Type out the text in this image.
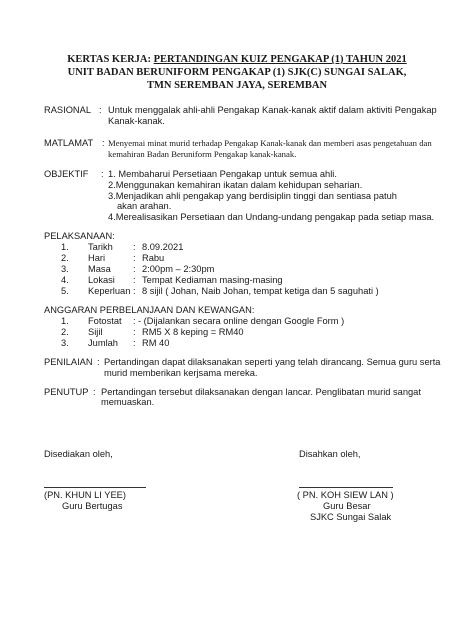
KERTAS KERJA: PERTANDINGAN KUIZ PENGAKAP (1) TAHUN 2021
UNIT BADAN BERUNIFORM PENGAKAP (1) SJK(C) SUNGAI SALAK,
TMN SEREMBAN JAYA, SEREMBAN
RASIONAL : Untuk menggalak ahli-ahli Pengakap Kanak-kanak aktif dalam aktiviti Pengakap
Kanak-kanak.
MATLAMAT : Menyemai minat murid terhadap Pengakap Kanak-kanak dan memberi asas pengetahuan dan
kemahiran Badan Beruniform Pengakap kanak-kanak.
OBJEKTIF : 1. Membaharui Persetiaan Pengakap untuk semua ahli.
2.Menggunakan kemahiran ikatan dalam kehidupan seharian.
3.Menjadikan ahli pengakap yang berdisiplin tinggi dan sentiasa patuh
akan arahan.
4.Merealisasikan Persetiaan dan Undang-undang pengakap pada setiap masa.
PELAKSANAAN:
1. Tarikh : 8.09.2021
2. Hari	: Rabu
3. Masa : 2:00pm – 2:30pm
4. Lokasi : Tempat Kediaman masing-masing
5. Keperluan : 8 sijil ( Johan, Naib Johan, tempat ketiga dan 5 saguhati )
ANGGARAN PERBELANJAAN DAN KEWANGAN:
1. Fotostat : - (Dijalankan secara online dengan Google Form )
2. Sijil	: RM5 X 8 keping = RM40
3. Jumlah : RM 40
PENILAIAN : Pertandingan dapat dilaksanakan seperti yang telah dirancang. Semua guru serta
murid memberikan kerjsama mereka.
PENUTUP : Pertandingan tersebut dilaksanakan dengan lancar. Penglibatan murid sangat
memuaskan.
Disediakan oleh,
(PN. KHUN LI YEE)
Guru Bertugas
Disahkan oleh,
( PN. KOH SIEW LAN )
Guru Besar
SJKC Sungai Salak
